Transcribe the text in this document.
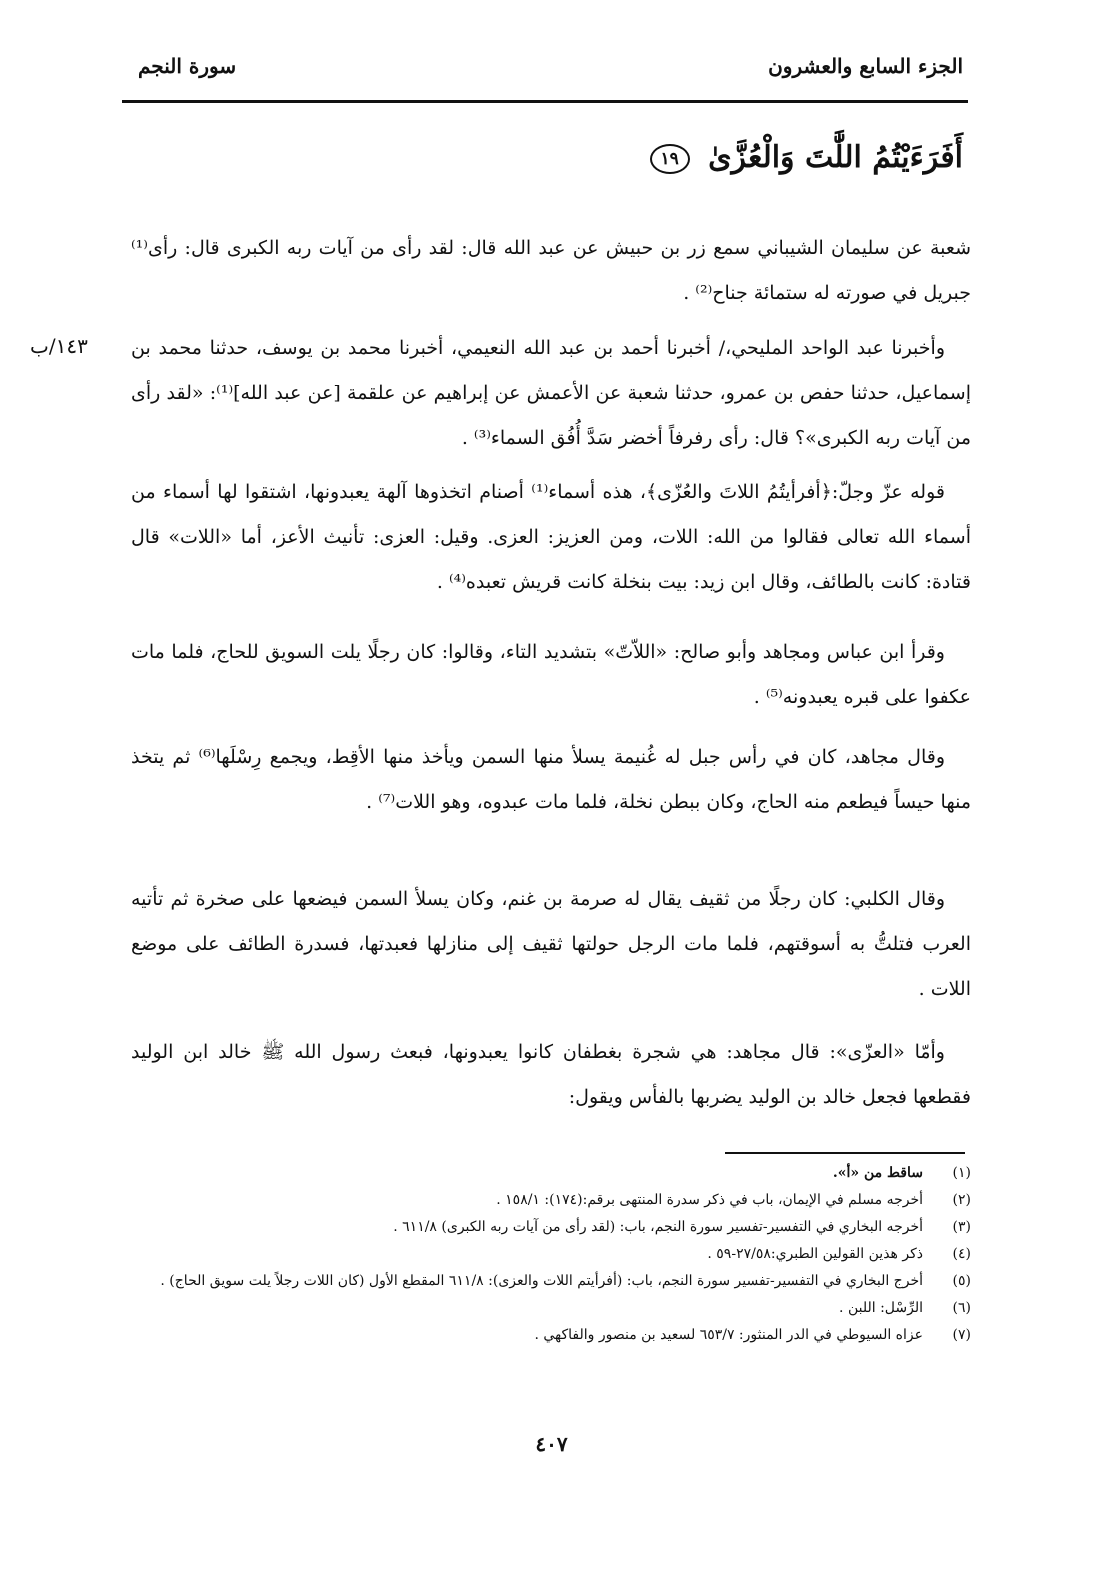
الجزء السابع والعشرون
سورة النجم
أَفَرَءَيْتُمُ اللَّٰتَ وَالْعُزَّىٰ ١٩
١٤٣/ب
شعبة عن سليمان الشيباني سمع زر بن حبيش عن عبد الله قال: لقد رأى من آيات ربه الكبرى قال: رأى⁽¹⁾ جبريل في صورته له ستمائة جناح⁽²⁾ .
وأخبرنا عبد الواحد المليحي،/ أخبرنا أحمد بن عبد الله النعيمي، أخبرنا محمد بن يوسف، حدثنا محمد بن إسماعيل، حدثنا حفص بن عمرو، حدثنا شعبة عن الأعمش عن إبراهيم عن علقمة [عن عبد الله]⁽¹⁾: «لقد رأى من آيات ربه الكبرى»؟ قال: رأى رفرفاً أخضر سَدَّ أُفُق السماء⁽³⁾ .
قوله عزّ وجلّ:﴿أفرأيتُمُ اللاتَ والعُزّى﴾، هذه أسماء⁽¹⁾ أصنام اتخذوها آلهة يعبدونها، اشتقوا لها أسماء من أسماء الله تعالى فقالوا من الله: اللات، ومن العزيز: العزى. وقيل: العزى: تأنيث الأعز، أما «اللات» قال قتادة: كانت بالطائف، وقال ابن زيد: بيت بنخلة كانت قريش تعبده⁽⁴⁾ .
وقرأ ابن عباس ومجاهد وأبو صالح: «اللاّتّ» بتشديد التاء، وقالوا: كان رجلًا يلت السويق للحاج، فلما مات عكفوا على قبره يعبدونه⁽⁵⁾ .
وقال مجاهد، كان في رأس جبل له غُنيمة يسلأ منها السمن ويأخذ منها الأقِط، ويجمع رِسْلَها⁽⁶⁾ ثم يتخذ منها حيساً فيطعم منه الحاج، وكان ببطن نخلة، فلما مات عبدوه، وهو اللات⁽⁷⁾ .
وقال الكلبي: كان رجلًا من ثقيف يقال له صرمة بن غنم، وكان يسلأ السمن فيضعها على صخرة ثم تأتيه العرب فتلتُّ به أسوقتهم، فلما مات الرجل حولتها ثقيف إلى منازلها فعبدتها، فسدرة الطائف على موضع اللات .
وأمّا «العزّى»: قال مجاهد: هي شجرة بغطفان كانوا يعبدونها، فبعث رسول الله ﷺ خالد ابن الوليد فقطعها فجعل خالد بن الوليد يضربها بالفأس ويقول:
(١)
ساقط من «أ».
(٢)
أخرجه مسلم في الإيمان، باب في ذكر سدرة المنتهى برقم:(١٧٤): ١٥٨/١ .
(٣)
أخرجه البخاري في التفسير-تفسير سورة النجم، باب: (لقد رأى من آيات ربه الكبرى) ٦١١/٨ .
(٤)
ذكر هذين القولين الطبري:٢٧/٥٨-٥٩ .
(٥)
أخرج البخاري في التفسير-تفسير سورة النجم، باب: (أفرأيتم اللات والعزى): ٦١١/٨ المقطع الأول (كان اللات رجلاً يلت سويق الحاج) .
(٦)
الرِّسْل: اللبن .
(٧)
عزاه السيوطي في الدر المنثور: ٦٥٣/٧ لسعيد بن منصور والفاكهي .
٤٠٧
